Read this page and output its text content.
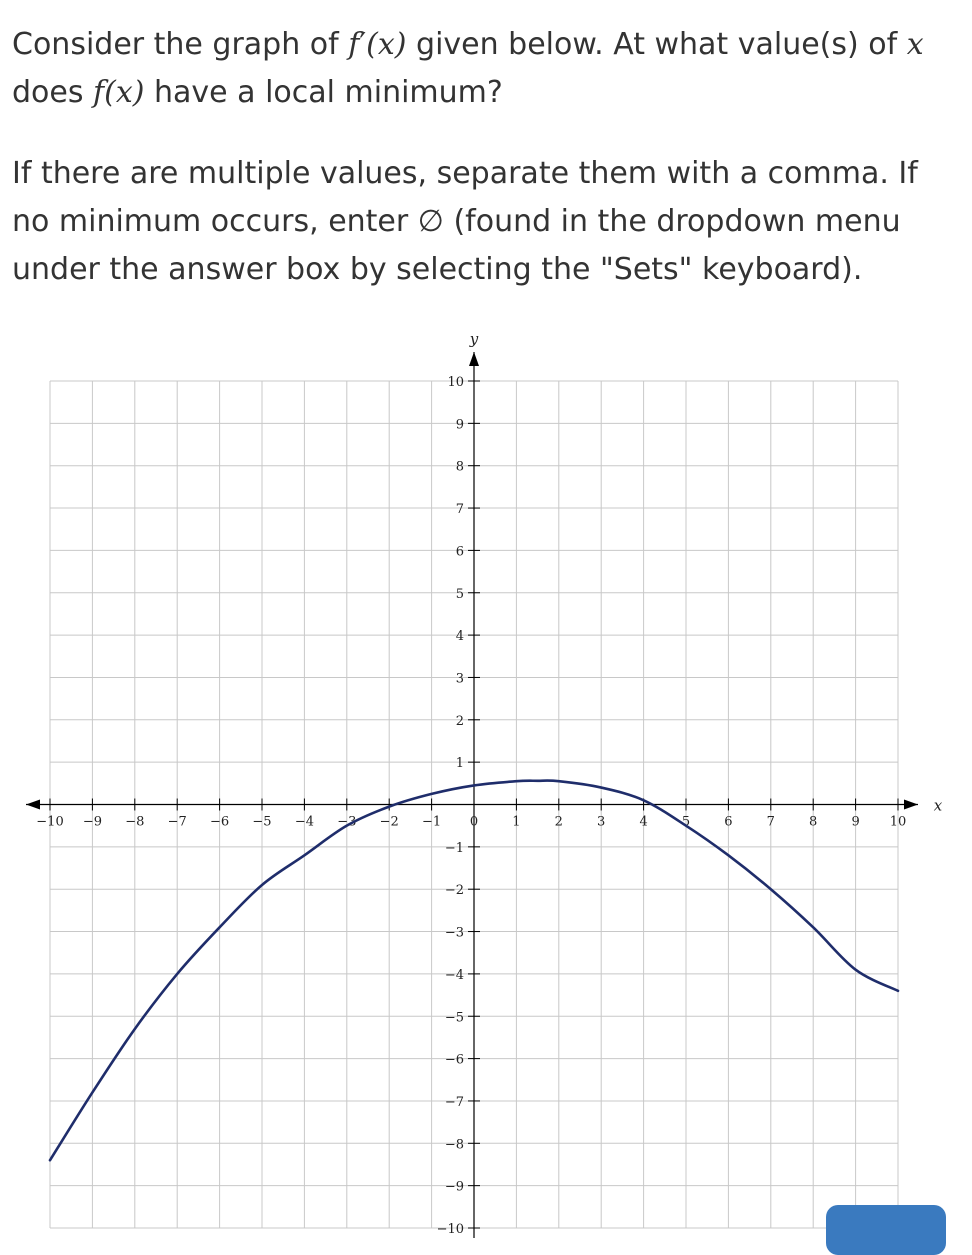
Consider the graph of f′(x) given below. At what value(s) of x
does f(x) have a local minimum?
If there are multiple values, separate them with a comma. If no minimum occurs, enter ∅ (found in the dropdown menu under the answer box by selecting the "Sets" keyboard).
x
y
−10 −9 −8 −7 −6 −5 −4 −3 −2 −1 0	1	2	3	4	5	6	7	8	9 10
−10
−9
−8
−7
−6
−5
−4
−3
−2
−1
1
2
3
4
5
6
7
8
9
10
